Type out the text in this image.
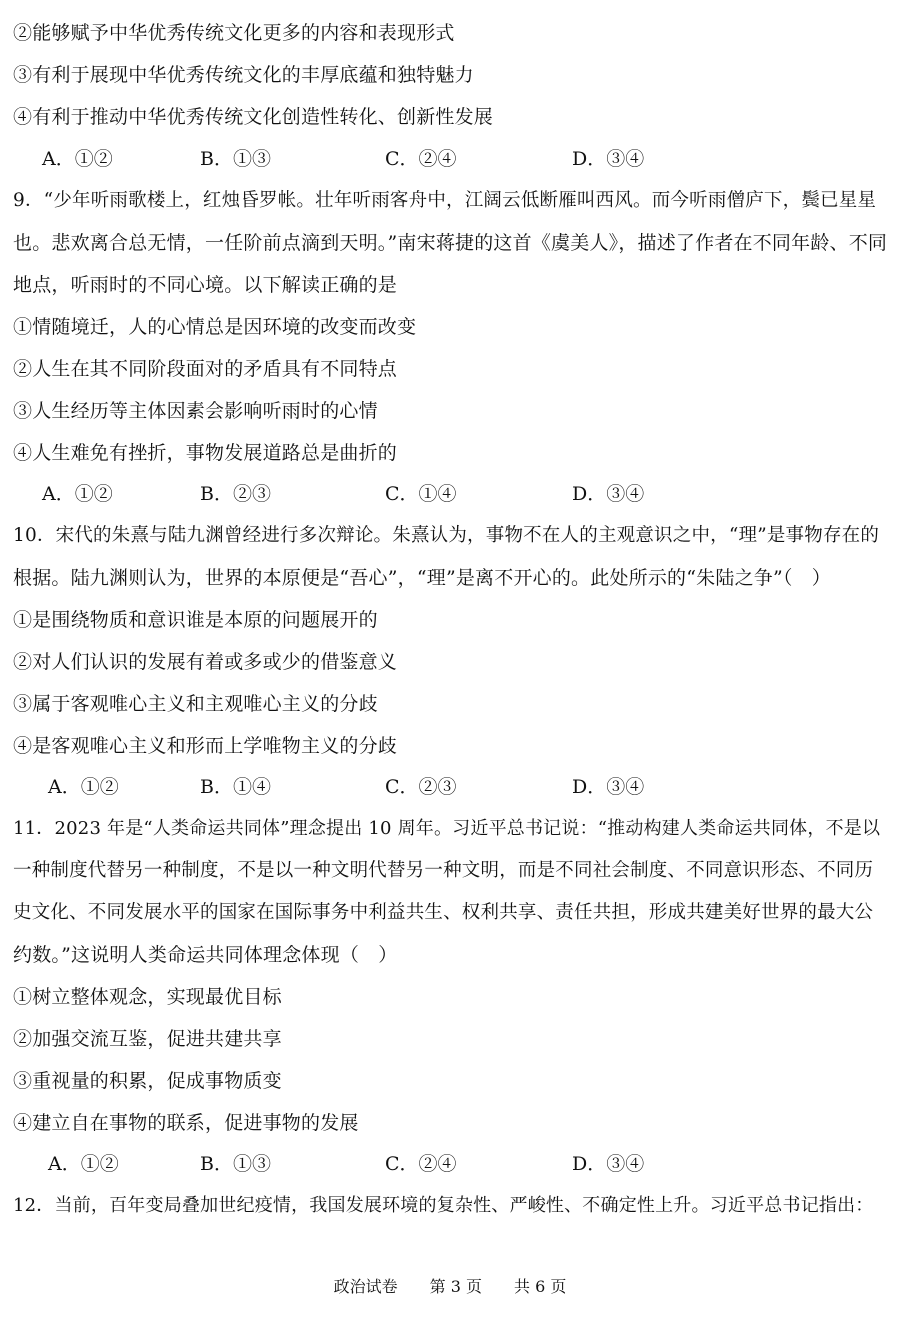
②能够赋予中华优秀传统文化更多的内容和表现形式
③有利于展现中华优秀传统文化的丰厚底蕴和独特魅力
④有利于推动中华优秀传统文化创造性转化、创新性发展
A．①②	B．①③	C．②④	D．③④
9．“少年听雨歌楼上，红烛昏罗帐。壮年听雨客舟中，江阔云低断雁叫西风。而今听雨僧庐下，鬓已星星
也。悲欢离合总无情，一任阶前点滴到天明。”南宋蒋捷的这首《虞美人》，描述了作者在不同年龄、不同
地点，听雨时的不同心境。以下解读正确的是
①情随境迁，人的心情总是因环境的改变而改变
②人生在其不同阶段面对的矛盾具有不同特点
③人生经历等主体因素会影响听雨时的心情
④人生难免有挫折，事物发展道路总是曲折的
A．①②	B．②③	C．①④	D．③④
10．宋代的朱熹与陆九渊曾经进行多次辩论。朱熹认为，事物不在人的主观意识之中，“理”是事物存在的
根据。陆九渊则认为，世界的本原便是“吾心”，“理”是离不开心的。此处所示的“朱陆之争”（　）
①是围绕物质和意识谁是本原的问题展开的
②对人们认识的发展有着或多或少的借鉴意义
③属于客观唯心主义和主观唯心主义的分歧
④是客观唯心主义和形而上学唯物主义的分歧
A．①②	B．①④	C．②③	D．③④
11．2023 年是“人类命运共同体”理念提出 10 周年。习近平总书记说：“推动构建人类命运共同体，不是以
一种制度代替另一种制度，不是以一种文明代替另一种文明，而是不同社会制度、不同意识形态、不同历
史文化、不同发展水平的国家在国际事务中利益共生、权利共享、责任共担，形成共建美好世界的最大公
约数。”这说明人类命运共同体理念体现（　）
①树立整体观念，实现最优目标
②加强交流互鉴，促进共建共享
③重视量的积累，促成事物质变
④建立自在事物的联系，促进事物的发展
A．①②	B．①③	C．②④	D．③④
12．当前，百年变局叠加世纪疫情，我国发展环境的复杂性、严峻性、不确定性上升。习近平总书记指出：
政治试卷　　第 3 页　　共 6 页
